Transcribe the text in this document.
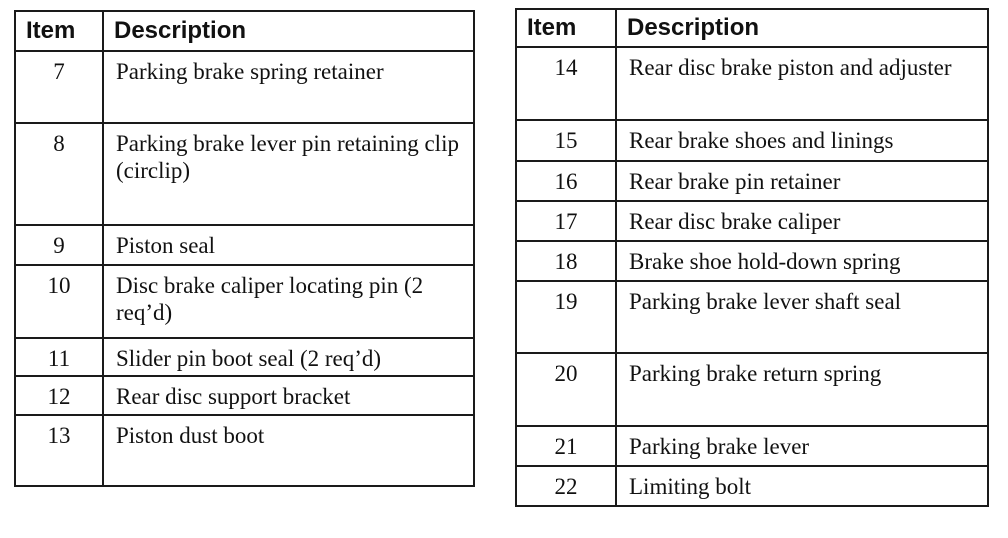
Item	Description
7	Parking brake spring retainer
8	Parking brake lever pin retaining clip (circlip)
9	Piston seal
10	Disc brake caliper locating pin (2 req’d)
11	Slider pin boot seal (2 req’d)
12	Rear disc support bracket
13	Piston dust boot
Item	Description
14	Rear disc brake piston and adjuster
15	Rear brake shoes and linings
16	Rear brake pin retainer
17	Rear disc brake caliper
18	Brake shoe hold-down spring
19	Parking brake lever shaft seal
20	Parking brake return spring
21	Parking brake lever
22	Limiting bolt
